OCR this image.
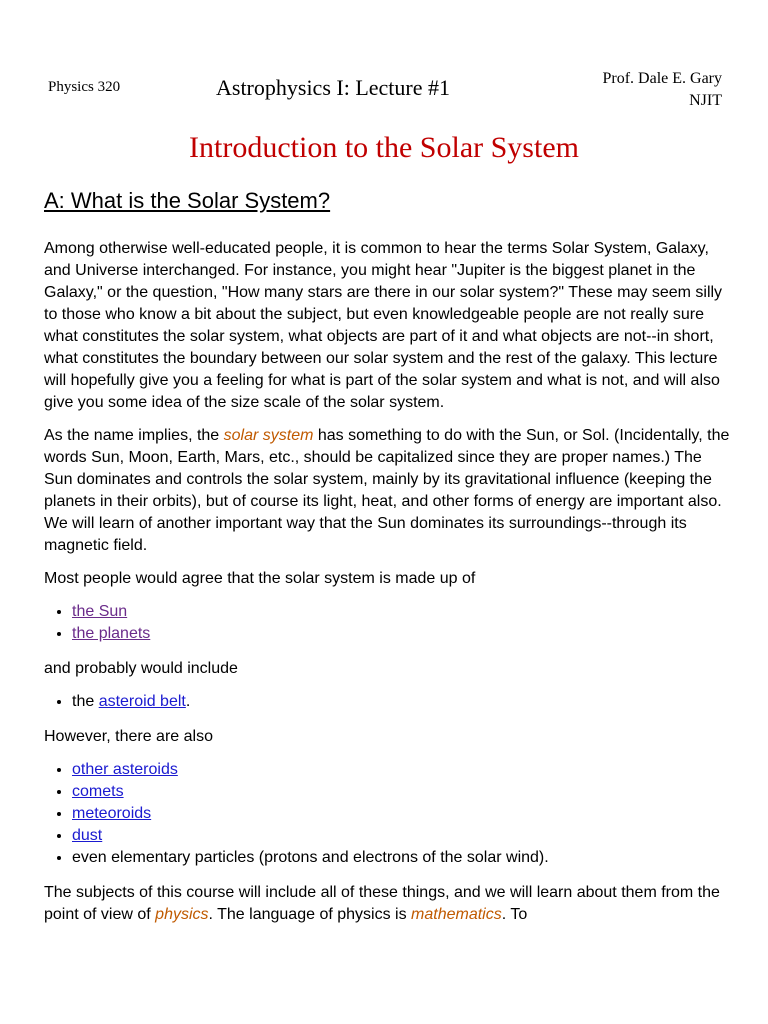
Physics 320	Astrophysics I: Lecture #1	Prof. Dale E. Gary
NJIT
Introduction to the Solar System
A: What is the Solar System?

Among otherwise well-educated people, it is common to hear the terms Solar System, Galaxy, and Universe interchanged. For instance, you might hear "Jupiter is the biggest planet in the Galaxy," or the question, "How many stars are there in our solar system?" These may seem silly to those who know a bit about the subject, but even knowledgeable people are not really sure what constitutes the solar system, what objects are part of it and what objects are not--in short, what constitutes the boundary between our solar system and the rest of the galaxy. This lecture will hopefully give you a feeling for what is part of the solar system and what is not, and will also give you some idea of the size scale of the solar system.

As the name implies, the solar system has something to do with the Sun, or Sol. (Incidentally, the words Sun, Moon, Earth, Mars, etc., should be capitalized since they are proper names.) The Sun dominates and controls the solar system, mainly by its gravitational influence (keeping the planets in their orbits), but of course its light, heat, and other forms of energy are important also. We will learn of another important way that the Sun dominates its surroundings--through its magnetic field.

Most people would agree that the solar system is made up of

• the Sun
• the planets

and probably would include

• the asteroid belt.

However, there are also

• other asteroids
• comets
• meteoroids
• dust
• even elementary particles (protons and electrons of the solar wind).

The subjects of this course will include all of these things, and we will learn about them from the point of view of physics. The language of physics is mathematics. To
